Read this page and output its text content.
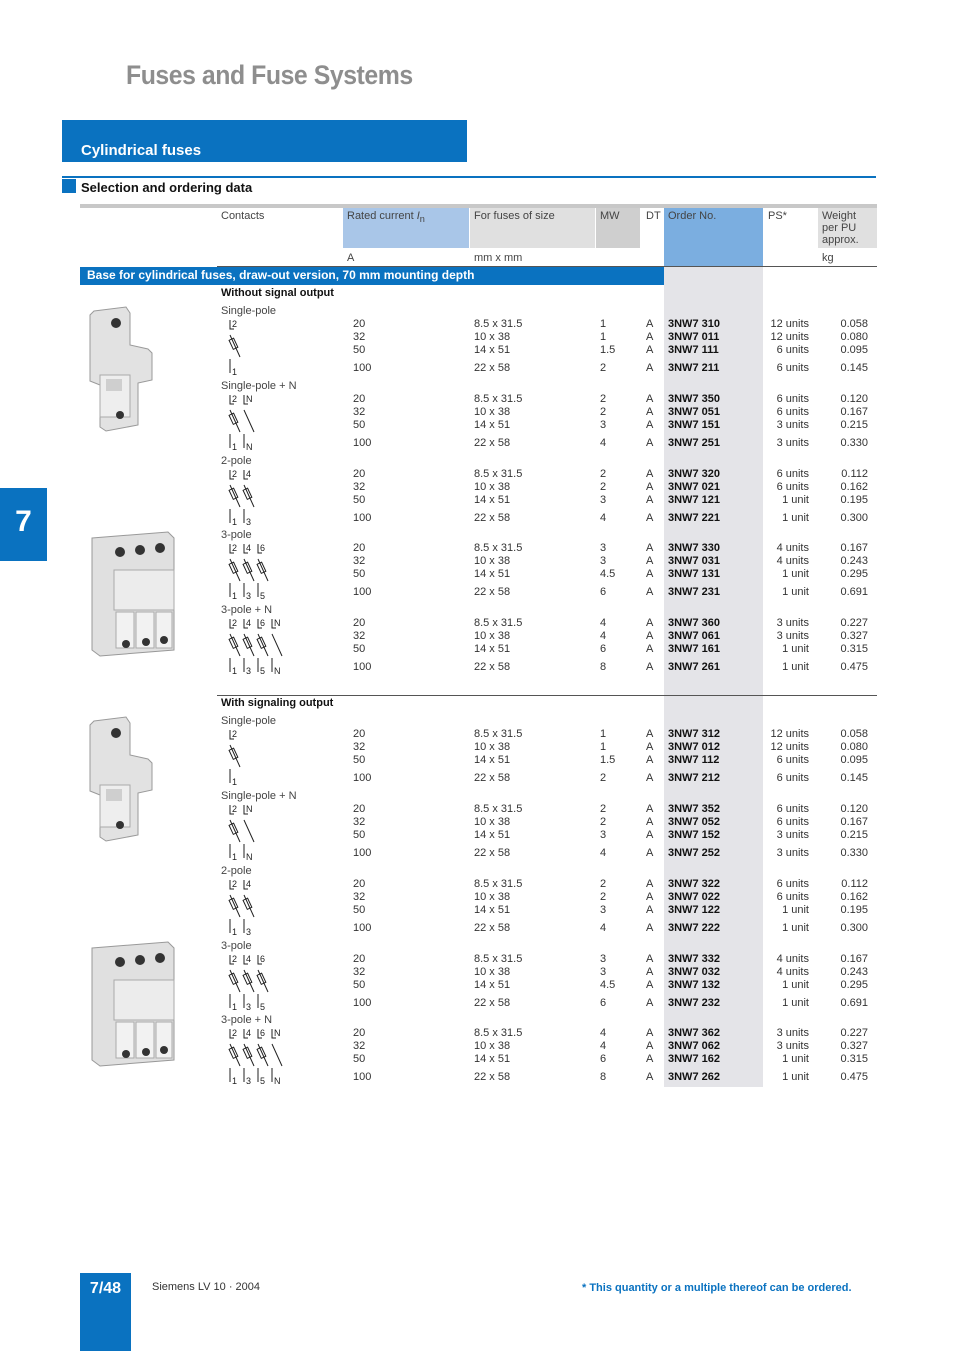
Fuses and Fuse Systems
Cylindrical fuses
Selection and ordering data
Contacts	Rated current $I_n$	For fuses of size	MW	DT Order No.	PS*	Weight per PU approx.
A	mm x mm	kg
Base for cylindrical fuses, draw-out version, 70 mm mounting depth
Without signal output
Single-pole
2
1
20	8.5 x 31.5	1	A 3NW7 310	12 units	0.058
32	10 x 38	1	A 3NW7 011	12 units	0.080
50	14 x 51	1.5	A 3NW7 111	6 units	0.095
100	22 x 58	2	A 3NW7 211	6 units	0.145
Single-pole + N
2
1
N
N
20	8.5 x 31.5	2	A 3NW7 350	6 units	0.120
32	10 x 38	2	A 3NW7 051	6 units	0.167
50	14 x 51	3	A 3NW7 151	3 units	0.215
100	22 x 58	4	A 3NW7 251	3 units	0.330
2-pole
2
1
4
3
20	8.5 x 31.5	2	A 3NW7 320	6 units	0.112
32	10 x 38	2	A 3NW7 021	6 units	0.162
50	14 x 51	3	A 3NW7 121	1 unit	0.195
100	22 x 58	4	A 3NW7 221	1 unit	0.300
3-pole
2
1
4
3
6
5
20	8.5 x 31.5	3	A 3NW7 330	4 units	0.167
32	10 x 38	3	A 3NW7 031	4 units	0.243
50	14 x 51	4.5	A 3NW7 131	1 unit	0.295
100	22 x 58	6	A 3NW7 231	1 unit	0.691
3-pole + N
2
1
4
3
6
5
N
N
20	8.5 x 31.5	4	A 3NW7 360	3 units	0.227
32	10 x 38	4	A 3NW7 061	3 units	0.327
50	14 x 51	6	A 3NW7 161	1 unit	0.315
100	22 x 58	8	A 3NW7 261	1 unit	0.475
With signaling output
Single-pole
2
1
20	8.5 x 31.5	1	A 3NW7 312	12 units	0.058
32	10 x 38	1	A 3NW7 012	12 units	0.080
50	14 x 51	1.5	A 3NW7 112	6 units	0.095
100	22 x 58	2	A 3NW7 212	6 units	0.145
Single-pole + N
2
1
N
N
20	8.5 x 31.5	2	A 3NW7 352	6 units	0.120
32	10 x 38	2	A 3NW7 052	6 units	0.167
50	14 x 51	3	A 3NW7 152	3 units	0.215
100	22 x 58	4	A 3NW7 252	3 units	0.330
2-pole
2
1
4
3
20	8.5 x 31.5	2	A 3NW7 322	6 units	0.112
32	10 x 38	2	A 3NW7 022	6 units	0.162
50	14 x 51	3	A 3NW7 122	1 unit	0.195
100	22 x 58	4	A 3NW7 222	1 unit	0.300
3-pole
2
1
4
3
6
5
20	8.5 x 31.5	3	A 3NW7 332	4 units	0.167
32	10 x 38	3	A 3NW7 032	4 units	0.243
50	14 x 51	4.5	A 3NW7 132	1 unit	0.295
100	22 x 58	6	A 3NW7 232	1 unit	0.691
3-pole + N
2
1
4
3
6
5
N
N
20	8.5 x 31.5	4	A 3NW7 362	3 units	0.227
32	10 x 38	4	A 3NW7 062	3 units	0.327
50	14 x 51	6	A 3NW7 162	1 unit	0.315
100	22 x 58	8	A 3NW7 262	1 unit	0.475
7
7/48	Siemens LV 10 · 2004	* This quantity or a multiple thereof can be ordered.
